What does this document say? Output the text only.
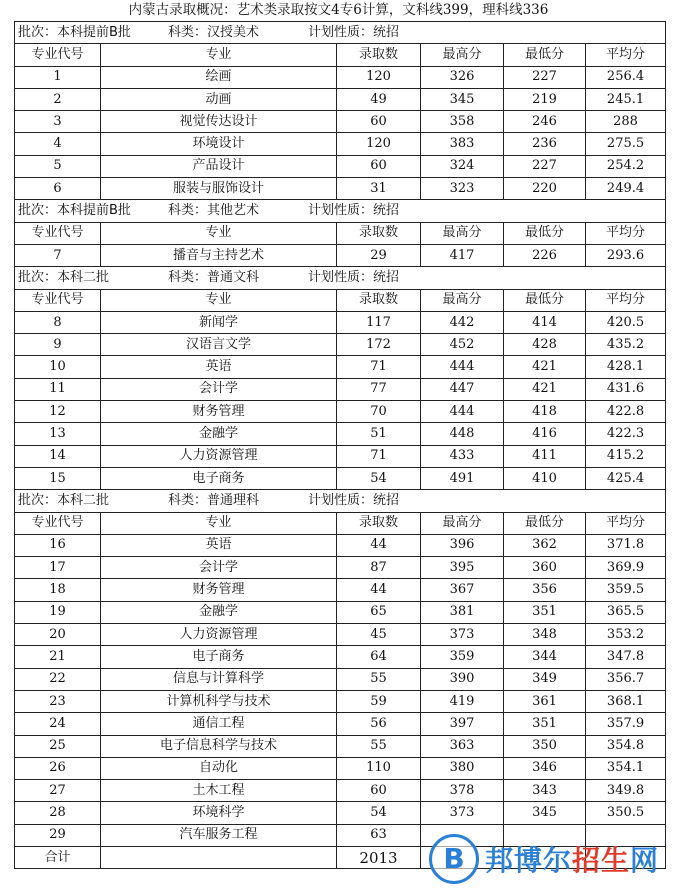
内蒙古录取概况：艺术类录取按文4专6计算，文科线399，理科线336
批次：本科提前B批 科类：汉授美术 计划性质：统招					
专业代号	专业	录取数	最高分	最低分	平均分
1	绘画	120	326	227	256.4
2	动画	49	345	219	245.1
3	视觉传达设计	60	358	246	288
4	环境设计	120	383	236	275.5
5	产品设计	60	324	227	254.2
6	服装与服饰设计	31	323	220	249.4
批次：本科提前B批 科类：其他艺术 计划性质：统招					
专业代号	专业	录取数	最高分	最低分	平均分
7	播音与主持艺术	29	417	226	293.6
批次：本科二批 科类：普通文科 计划性质：统招					
专业代号	专业	录取数	最高分	最低分	平均分
8	新闻学	117	442	414	420.5
9	汉语言文学	172	452	428	435.2
10	英语	71	444	421	428.1
11	会计学	77	447	421	431.6
12	财务管理	70	444	418	422.8
13	金融学	51	448	416	422.3
14	人力资源管理	71	433	411	415.2
15	电子商务	54	491	410	425.4
批次：本科二批 科类：普通理科 计划性质：统招					
专业代号	专业	录取数	最高分	最低分	平均分
16	英语	44	396	362	371.8
17	会计学	87	395	360	369.9
18	财务管理	44	367	356	359.5
19	金融学	65	381	351	365.5
20	人力资源管理	45	373	348	353.2
21	电子商务	64	359	344	347.8
22	信息与计算科学	55	390	349	356.7
23	计算机科学与技术	59	419	361	368.1
24	通信工程	56	397	351	357.9
25	电子信息科学与技术	55	363	350	354.8
26	自动化	110	380	346	354.1
27	土木工程	60	378	343	349.8
28	环境科学	54	373	345	350.5
29	汽车服务工程	63			
合计		2013				B 邦博尔招生网
